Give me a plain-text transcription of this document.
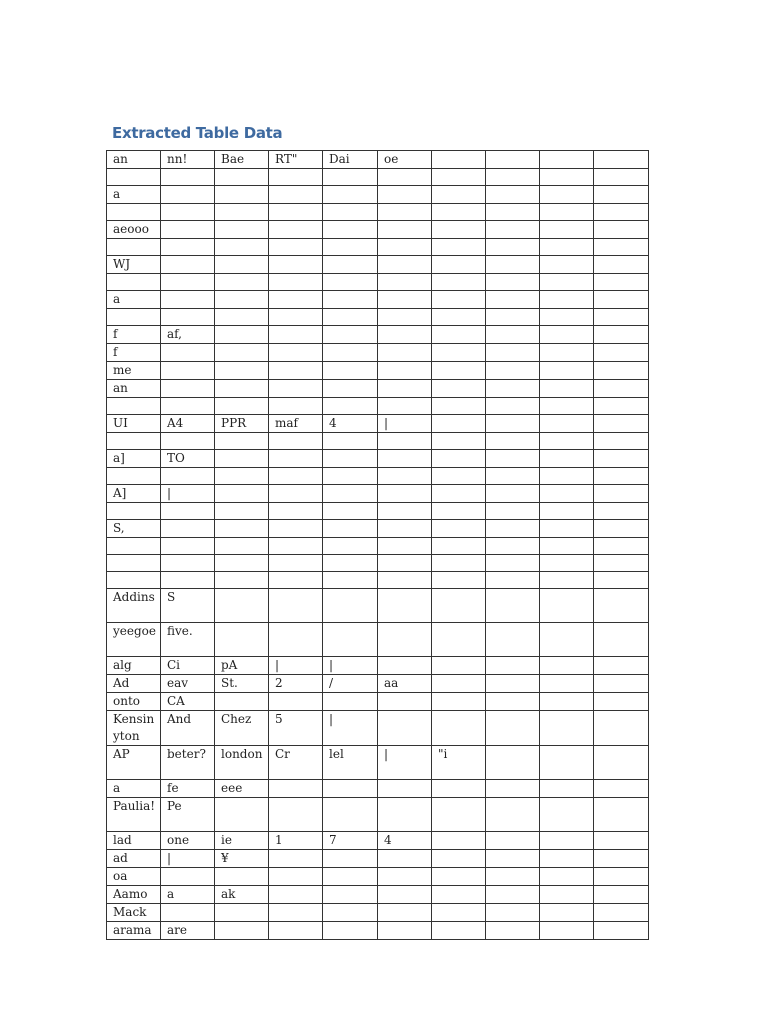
Extracted Table Data
an	nn!	Bae	RT"	Dai	oe				

a									

aeooo									

WJ									

a									

f	af,								
f									
me									
an									

UI	A4	PPR	maf	4	|				

a]	TO								

A]	|								

S,									

Addins	S								
yeegoe	five.								
alg	Ci	pA	|	|					
Ad	eav	St.	2	/	aa				
onto	CA								
Kensinyton	And	Chez	5	|					
AP	beter?	london	Cr	lel	|	"i			
a	fe	eee							
Paulia!	Pe								
lad	one	ie	1	7	4				
ad	|	¥							
oa									
Aamo	a	ak							
Mack									
arama	are								
